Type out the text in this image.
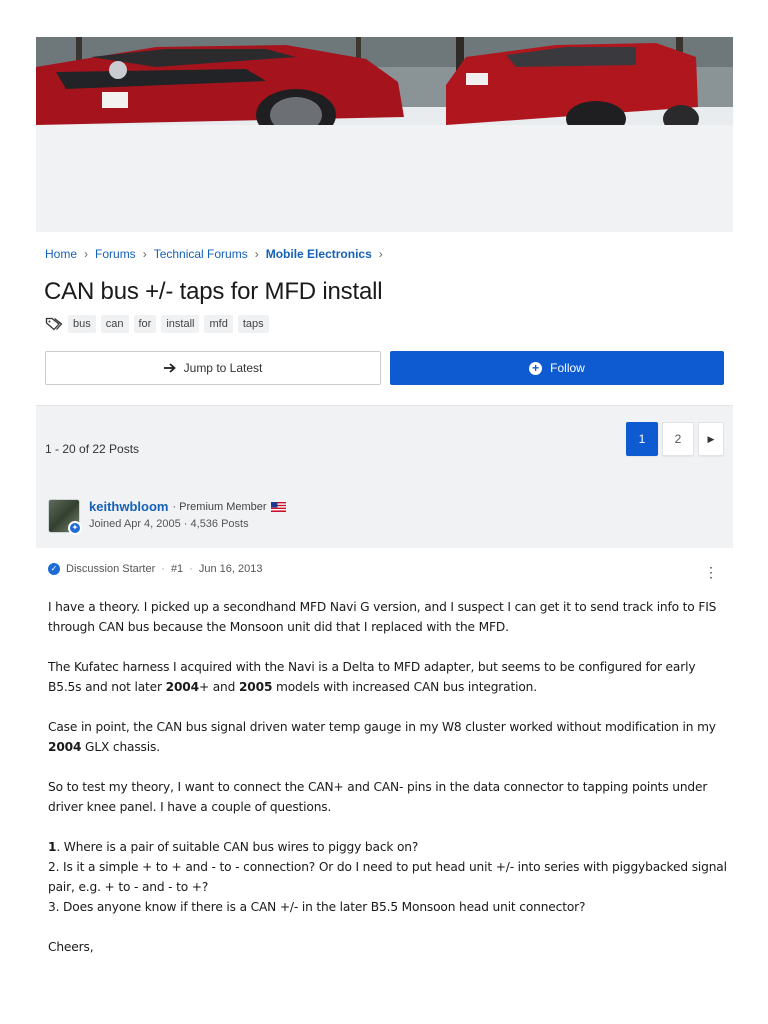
Home › Forums › Technical Forums › Mobile Electronics ›
CAN bus +/- taps for MFD install
bus	can	for	install	mfd	taps
Jump to Latest	+ Follow
1 - 20 of 22 Posts
1	2	▶
✦
keithwbloom · Premium Member
Joined Apr 4, 2005 · 4,536 Posts
✓ Discussion Starter · #1 · Jun 16, 2013	⋮

I have a theory. I picked up a secondhand MFD Navi G version, and I suspect I can get it to send track info to FIS through CAN bus because the Monsoon unit did that I replaced with the MFD.

The Kufatec harness I acquired with the Navi is a Delta to MFD adapter, but seems to be configured for early B5.5s and not later 2004+ and 2005 models with increased CAN bus integration.

Case in point, the CAN bus signal driven water temp gauge in my W8 cluster worked without modification in my 2004 GLX chassis.

So to test my theory, I want to connect the CAN+ and CAN- pins in the data connector to tapping points under driver knee panel. I have a couple of questions.

1. Where is a pair of suitable CAN bus wires to piggy back on?

2. Is it a simple + to + and - to - connection? Or do I need to put head unit +/- into series with piggybacked signal pair, e.g. + to - and - to +?

3. Does anyone know if there is a CAN +/- in the later B5.5 Monsoon head unit connector?

Cheers,
